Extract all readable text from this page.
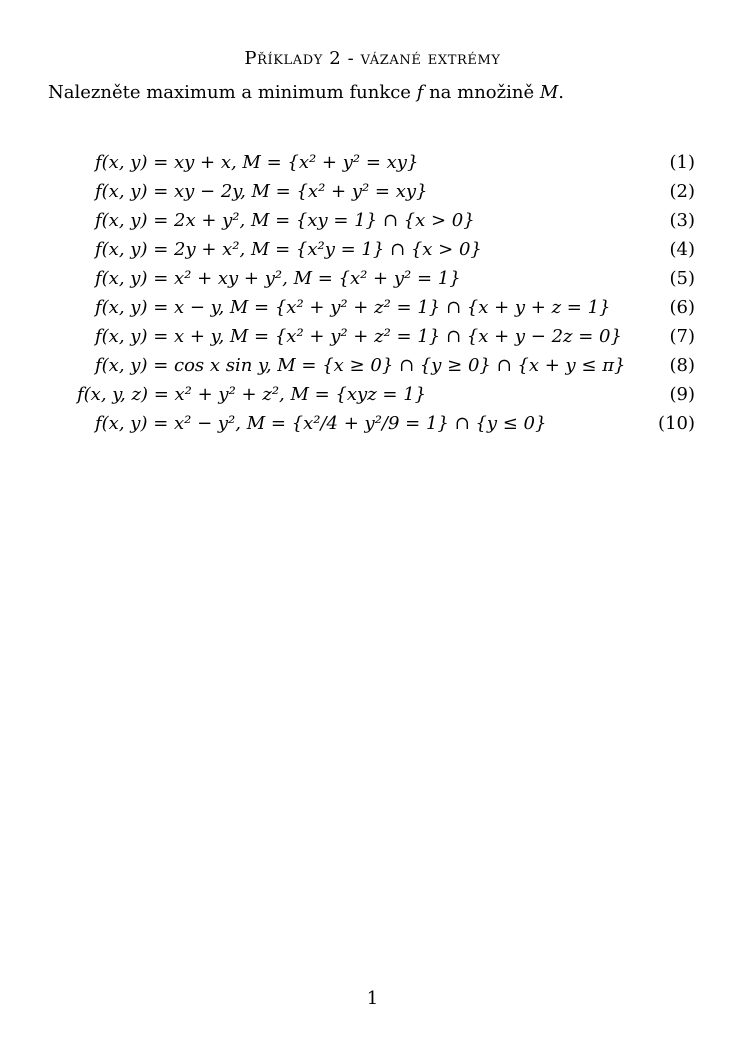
Příklady 2 - vázané extrémy
Nalezněte maximum a minimum funkce f na množině M.
f(x, y) = xy + x, M = {x² + y² = xy}	(1)
f(x, y) = xy − 2y, M = {x² + y² = xy}	(2)
f(x, y) = 2x + y², M = {xy = 1} ∩ {x > 0}	(3)
f(x, y) = 2y + x², M = {x²y = 1} ∩ {x > 0}	(4)
f(x, y) = x² + xy + y², M = {x² + y² = 1}	(5)
f(x, y) = x − y, M = {x² + y² + z² = 1} ∩ {x + y + z = 1}	(6)
f(x, y) = x + y, M = {x² + y² + z² = 1} ∩ {x + y − 2z = 0}	(7)
f(x, y) = cos x sin y, M = {x ≥ 0} ∩ {y ≥ 0} ∩ {x + y ≤ π} (8)
f(x, y, z) = x² + y² + z², M = {xyz = 1}	(9)
f(x, y) = x² − y², M = {x²/4 + y²/9 = 1} ∩ {y ≤ 0}	(10)
1
